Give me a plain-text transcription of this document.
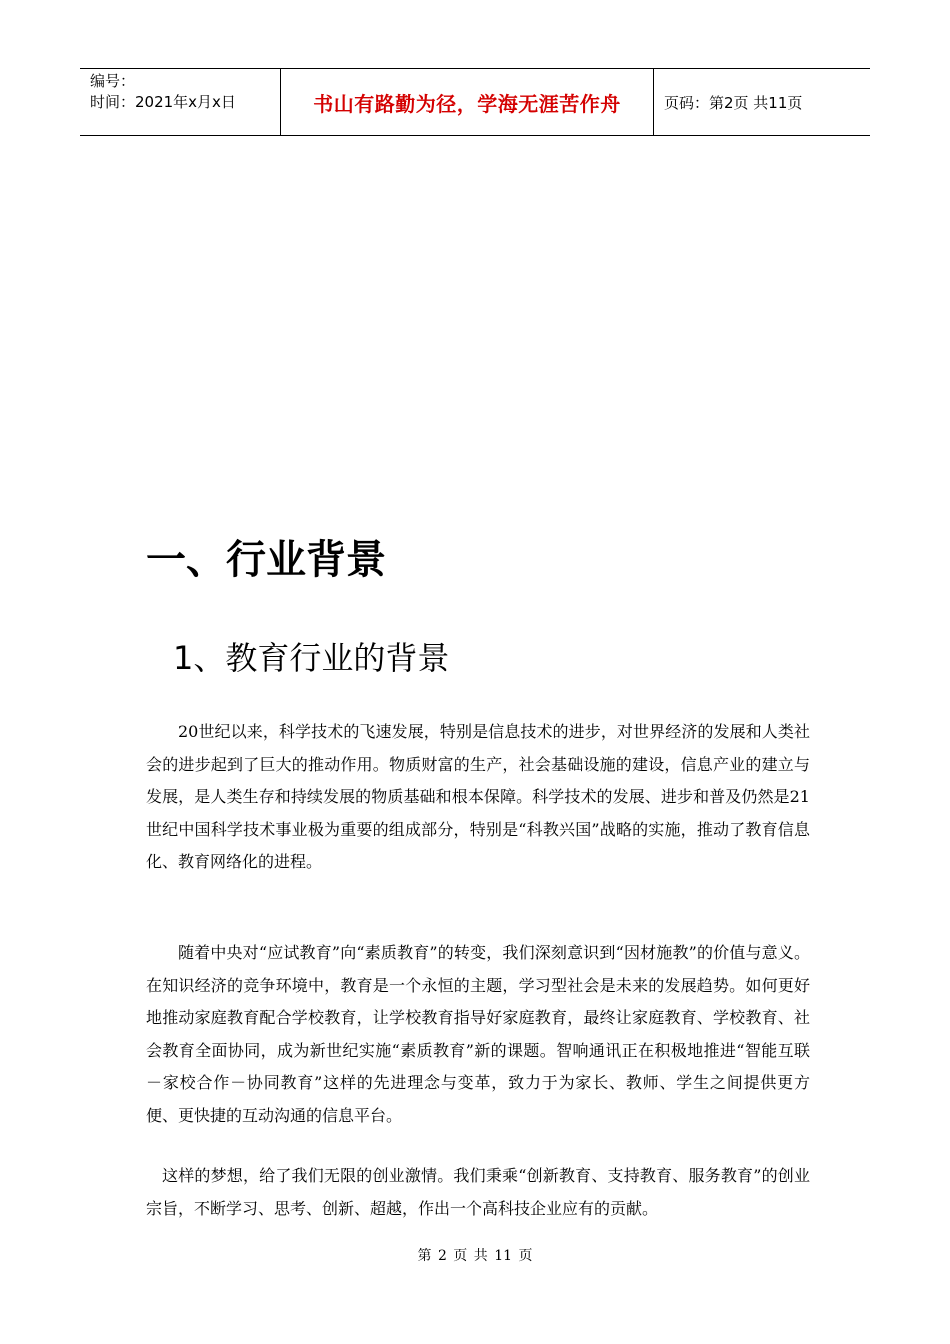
编号：
时间：2021年x月x日	书山有路勤为径，学海无涯苦作舟	页码：第2页 共11页
一、行业背景
1、教育行业的背景

20世纪以来，科学技术的飞速发展，特别是信息技术的进步，对世界经济的发展和人类社会的进步起到了巨大的推动作用。物质财富的生产，社会基础设施的建设，信息产业的建立与发展，是人类生存和持续发展的物质基础和根本保障。科学技术的发展、进步和普及仍然是21世纪中国科学技术事业极为重要的组成部分，特别是“科教兴国”战略的实施，推动了教育信息化、教育网络化的进程。

随着中央对“应试教育”向“素质教育”的转变，我们深刻意识到“因材施教”的价值与意义。在知识经济的竞争环境中，教育是一个永恒的主题，学习型社会是未来的发展趋势。如何更好地推动家庭教育配合学校教育，让学校教育指导好家庭教育，最终让家庭教育、学校教育、社会教育全面协同，成为新世纪实施“素质教育”新的课题。智响通讯正在积极地推进“智能互联－家校合作－协同教育”这样的先进理念与变革，致力于为家长、教师、学生之间提供更方便、更快捷的互动沟通的信息平台。

这样的梦想，给了我们无限的创业激情。我们秉乘“创新教育、支持教育、服务教育”的创业宗旨，不断学习、思考、创新、超越，作出一个高科技企业应有的贡献。

第 2 页 共 11 页
